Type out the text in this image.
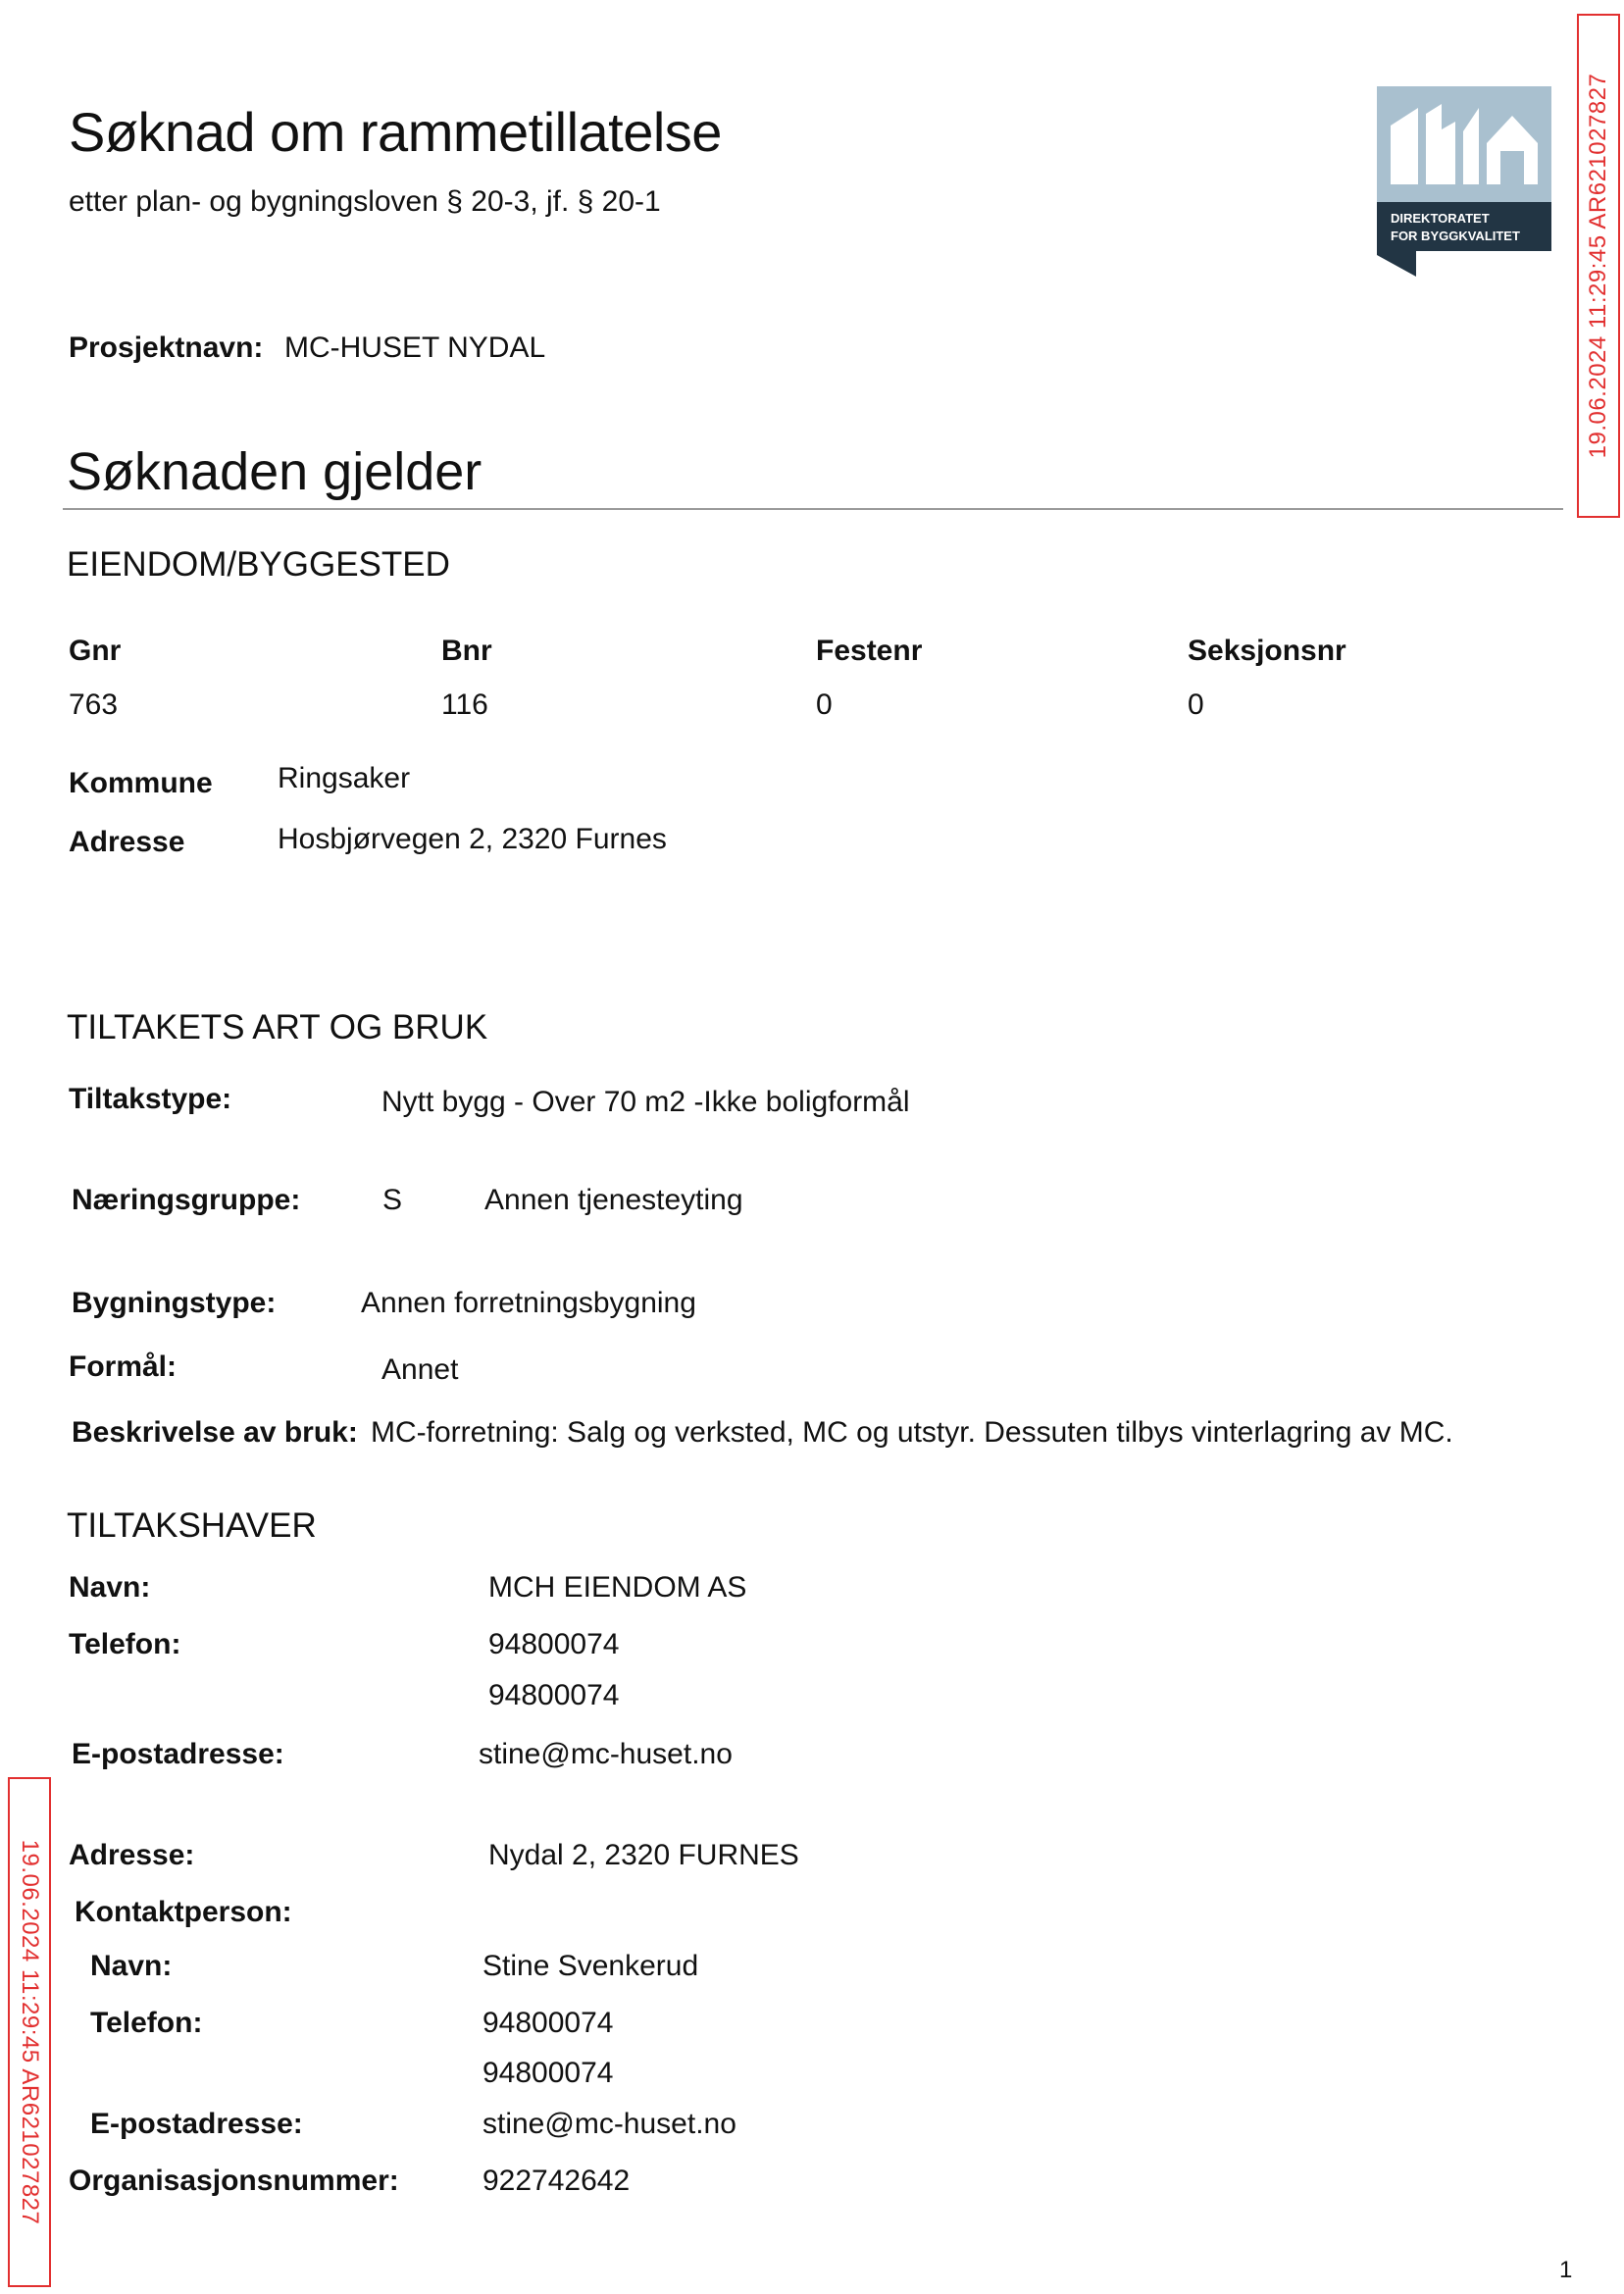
Søknad om rammetillatelse
etter plan- og bygningsloven § 20-3, jf. § 20-1
DIREKTORATET
FOR BYGGKVALITET	19.06.2024 11:29:45 AR621027827
19.06.2024 11:29:45 AR621027827
Prosjektnavn: MC-HUSET NYDAL
Søknaden gjelder
EIENDOM/BYGGESTED
Gnr	Bnr	Festenr	Seksjonsnr
763	116	0	0
Kommune Ringsaker
Adresse	Hosbjørvegen 2, 2320 Furnes
TILTAKETS ART OG BRUK
Tiltakstype:	Nytt bygg - Over 70 m2 -Ikke boligformål
Næringsgruppe:	S	Annen tjenesteyting
Bygningstype:	Annen forretningsbygning
Formål:	Annet
Beskrivelse av bruk: MC-forretning: Salg og verksted, MC og utstyr. Dessuten tilbys vinterlagring av MC.
TILTAKSHAVER
Navn:	MCH EIENDOM AS
Telefon:	94800074
94800074
E-postadresse:	stine@mc-huset.no
Adresse:	Nydal 2, 2320 FURNES
Kontaktperson:
Navn:	Stine Svenkerud
Telefon:	94800074
94800074
E-postadresse:	stine@mc-huset.no
Organisasjonsnummer:	922742642
1
